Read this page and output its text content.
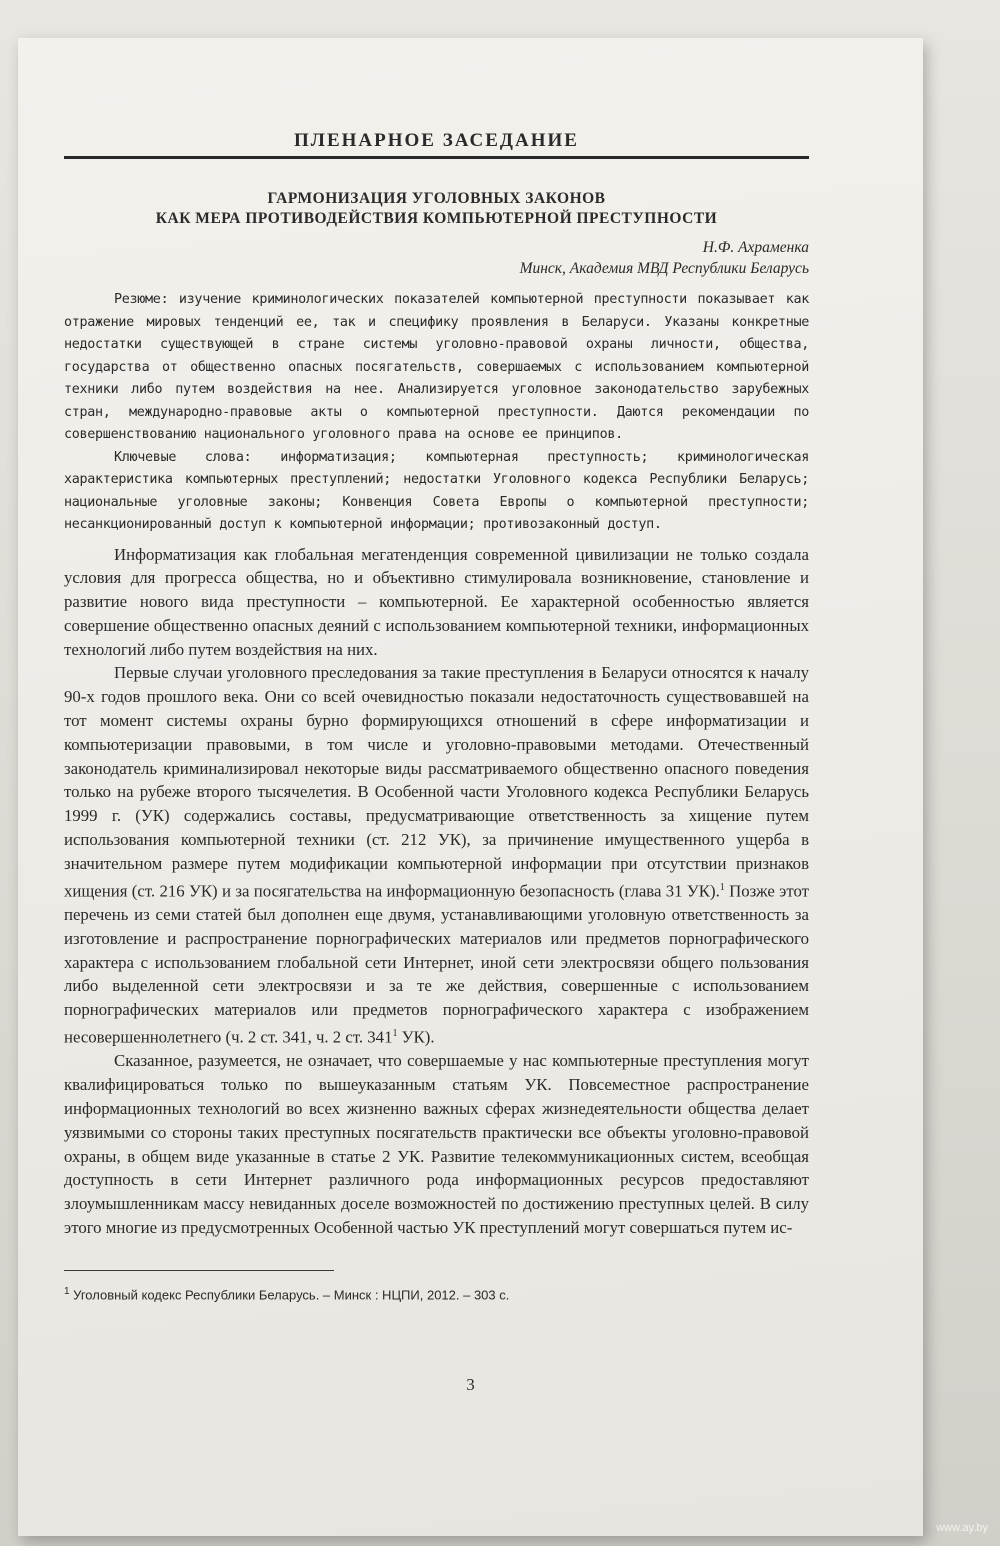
ПЛЕНАРНОЕ ЗАСЕДАНИЕ

ГАРМОНИЗАЦИЯ УГОЛОВНЫХ ЗАКОНОВ

КАК МЕРА ПРОТИВОДЕЙСТВИЯ КОМПЬЮТЕРНОЙ ПРЕСТУПНОСТИ

Н.Ф. Ахраменка

Минск, Академия МВД Республики Беларусь

Резюме: изучение криминологических показателей компьютерной преступности показывает как отражение мировых тенденций ее, так и специфику проявления в Беларуси. Указаны конкретные недостатки существующей в стране системы уголовно-правовой охраны личности, общества, государства от общественно опасных посягательств, совершаемых с использованием компьютерной техники либо путем воздействия на нее. Анализируется уголовное законодательство зарубежных стран, международно-правовые акты о компьютерной преступности. Даются рекомендации по совершенствованию национального уголовного права на основе ее принципов.

Ключевые слова: информатизация; компьютерная преступность; криминологическая характеристика компьютерных преступлений; недостатки Уголовного кодекса Республики Беларусь; национальные уголовные законы; Конвенция Совета Европы о компьютерной преступности; несанкционированный доступ к компьютерной информации; противозаконный доступ.

Информатизация как глобальная мегатенденция современной цивилизации не только создала условия для прогресса общества, но и объективно стимулировала возникновение, становление и развитие нового вида преступности – компьютерной. Ее характерной особенностью является совершение общественно опасных деяний с использованием компьютерной техники, информационных технологий либо путем воздействия на них.

Первые случаи уголовного преследования за такие преступления в Беларуси относятся к началу 90-х годов прошлого века. Они со всей очевидностью показали недостаточность существовавшей на тот момент системы охраны бурно формирующихся отношений в сфере информатизации и компьютеризации правовыми, в том числе и уголовно-правовыми методами. Отечественный законодатель криминализировал некоторые виды рассматриваемого общественно опасного поведения только на рубеже второго тысячелетия. В Особенной части Уголовного кодекса Республики Беларусь 1999 г. (УК) содержались составы, предусматривающие ответственность за хищение путем использования компьютерной техники (ст. 212 УК), за причинение имущественного ущерба в значительном размере путем модификации компьютерной информации при отсутствии признаков хищения (ст. 216 УК) и за посягательства на информационную безопасность (глава 31 УК).$^1$ Позже этот перечень из семи статей был дополнен еще двумя, устанавливающими уголовную ответственность за изготовление и распространение порнографических материалов или предметов порнографического характера с использованием глобальной сети Интернет, иной сети электросвязи общего пользования либо выделенной сети электросвязи и за те же действия, совершенные с использованием порнографических материалов или предметов порнографического характера с изображением несовершеннолетнего (ч. 2 ст. 341, ч. 2 ст. $341^1$ УК).

Сказанное, разумеется, не означает, что совершаемые у нас компьютерные преступления могут квалифицироваться только по вышеуказанным статьям УК. Повсеместное распространение информационных технологий во всех жизненно важных сферах жизнедеятельности общества делает уязвимыми со стороны таких преступных посягательств практически все объекты уголовно-правовой охраны, в общем виде указанные в статье 2 УК. Развитие телекоммуникационных систем, всеобщая доступность в сети Интернет различного рода информационных ресурсов предоставляют злоумышленникам массу невиданных доселе возможностей по достижению преступных целей. В силу этого многие из предусмотренных Особенной частью УК преступлений могут совершаться путем ис-

$^1$ Уголовный кодекс Республики Беларусь. – Минск : НЦПИ, 2012. – 303 с.

3
www.ay.by
